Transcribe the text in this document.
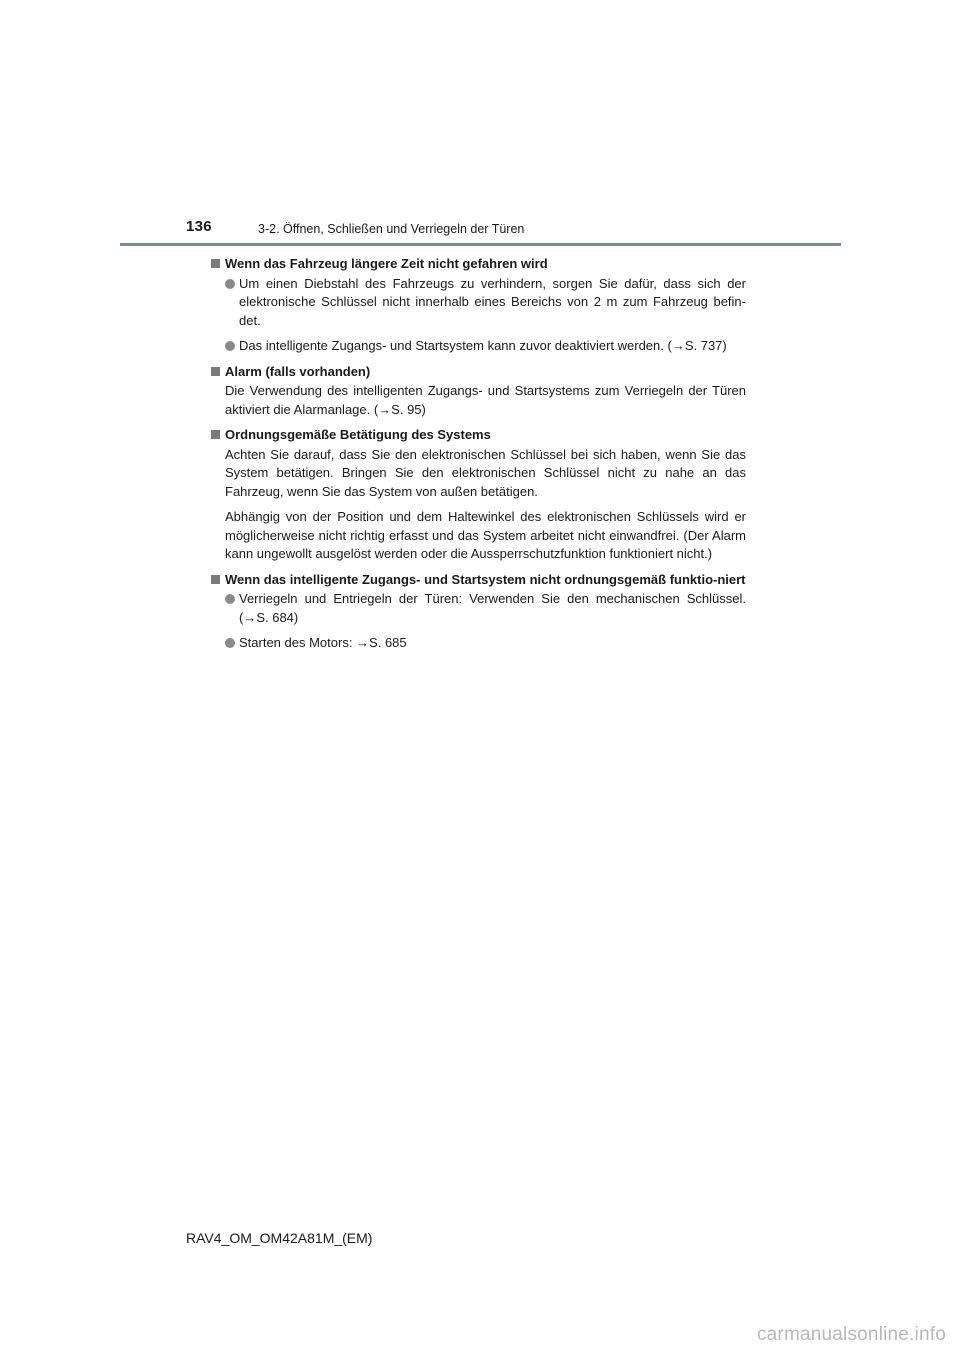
136	3-2. Öffnen, Schließen und Verriegeln der Türen
Wenn das Fahrzeug längere Zeit nicht gefahren wird
Um einen Diebstahl des Fahrzeugs zu verhindern, sorgen Sie dafür, dass sich der elektronische Schlüssel nicht innerhalb eines Bereichs von 2 m zum Fahrzeug befin-det.
Das intelligente Zugangs- und Startsystem kann zuvor deaktiviert werden. (→S. 737)
Alarm (falls vorhanden)
Die Verwendung des intelligenten Zugangs- und Startsystems zum Verriegeln der Türen aktiviert die Alarmanlage. (→S. 95)
Ordnungsgemäße Betätigung des Systems
Achten Sie darauf, dass Sie den elektronischen Schlüssel bei sich haben, wenn Sie das System betätigen. Bringen Sie den elektronischen Schlüssel nicht zu nahe an das Fahrzeug, wenn Sie das System von außen betätigen.
Abhängig von der Position und dem Haltewinkel des elektronischen Schlüssels wird er möglicherweise nicht richtig erfasst und das System arbeitet nicht einwandfrei. (Der Alarm kann ungewollt ausgelöst werden oder die Aussperrschutzfunktion funktioniert nicht.)
Wenn das intelligente Zugangs- und Startsystem nicht ordnungsgemäß funktio-niert
Verriegeln und Entriegeln der Türen: Verwenden Sie den mechanischen Schlüssel. (→S. 684)
Starten des Motors: →S. 685
RAV4_OM_OM42A81M_(EM)
carmanualsonline.info
